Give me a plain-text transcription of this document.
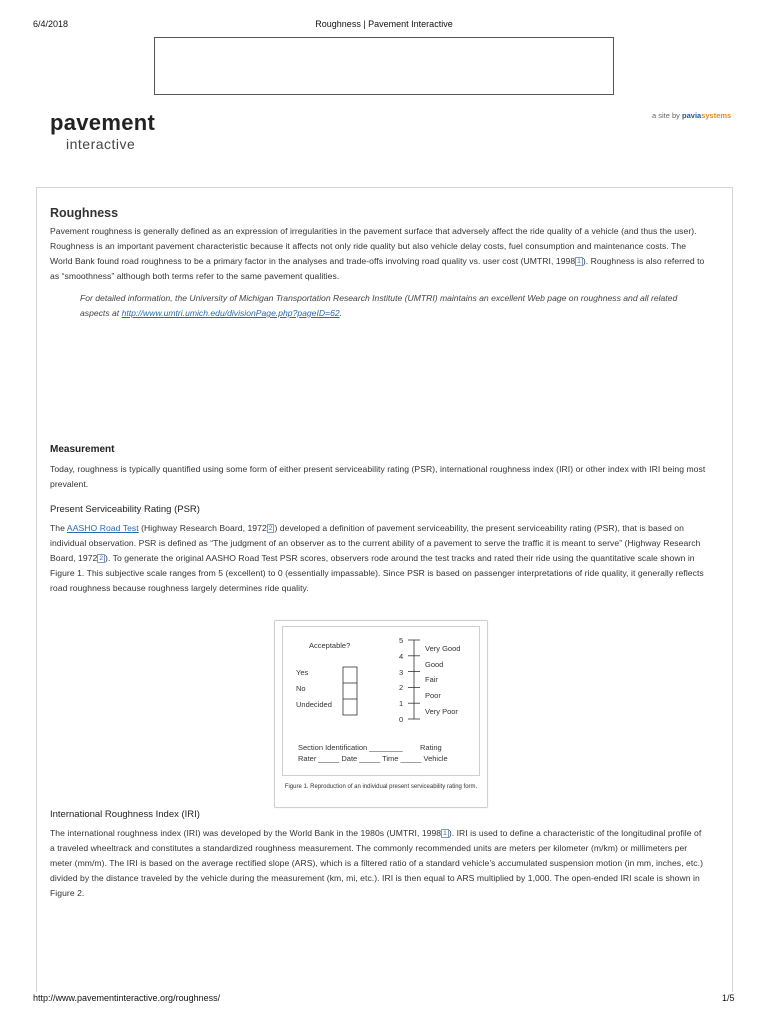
6/4/2018	Roughness | Pavement Interactive
pavement
interactive
a site by paviasystems
Roughness

Pavement roughness is generally defined as an expression of irregularities in the pavement surface that adversely affect the ride quality of a vehicle (and thus the user). Roughness is an important pavement characteristic because it affects not only ride quality but also vehicle delay costs, fuel consumption and maintenance costs. The World Bank found road roughness to be a primary factor in the analyses and trade-offs involving road quality vs. user cost (UMTRI, 1998 1 ). Roughness is also referred to as “smoothness” although both terms refer to the same pavement qualities.

For detailed information, the University of Michigan Transportation Research Institute (UMTRI) maintains an excellent Web page on roughness and all related aspects at http://www.umtri.umich.edu/divisionPage.php?pageID=62.
Measurement

Today, roughness is typically quantified using some form of either present serviceability rating (PSR), international roughness index (IRI) or other index with IRI being most prevalent.

Present Serviceability Rating (PSR)

The AASHO Road Test (Highway Research Board, 1972 2 ) developed a definition of pavement serviceability, the present serviceability rating (PSR), that is based on individual observation. PSR is defined as “The judgment of an observer as to the current ability of a pavement to serve the traffic it is meant to serve” (Highway Research Board, 1972 2 ). To generate the original AASHO Road Test PSR scores, observers rode around the test tracks and rated their ride using the quantitative scale shown in Figure 1. This subjective scale ranges from 5 (excellent) to 0 (essentially impassable). Since PSR is based on passenger interpretations of ride quality, it generally reflects road roughness because roughness largely determines ride quality.

International Roughness Index (IRI)

The international roughness index (IRI) was developed by the World Bank in the 1980s (UMTRI, 1998 1 ). IRI is used to define a characteristic of the longitudinal profile of a traveled wheeltrack and constitutes a standardized roughness measurement. The commonly recommended units are meters per kilometer (m/km) or millimeters per meter (mm/m). The IRI is based on the average rectified slope (ARS), which is a filtered ratio of a standard vehicle’s accumulated suspension motion (in mm, inches, etc.) divided by the distance traveled by the vehicle during the measurement (km, mi, etc.). IRI is then equal to ARS multiplied by 1,000. The open-ended IRI scale is shown in Figure 2.

Acceptable?
Yes
No
Undecided
5
4
3
2
1
0
Very Good
Good
Fair
Poor
Very Poor
Section Identification ________ Rating
Rater _____ Date _____ Time _____ Vehicle
Figure 1. Reproduction of an individual present serviceability rating form.
http://www.pavementinteractive.org/roughness/	1/5
